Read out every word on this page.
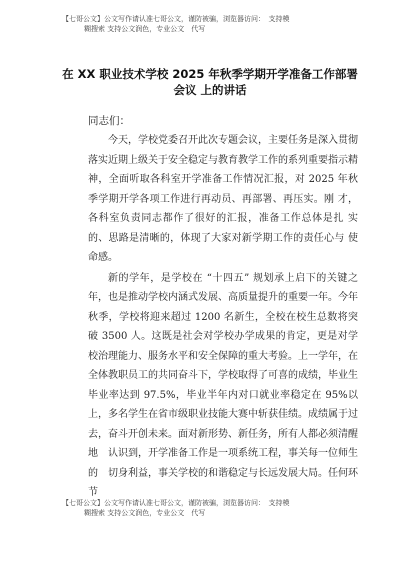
【七哥公文】公文写作请认准七哥公文，谨防被骗，浏览器访问：　支持模
糊搜索 支持公文润色，专业公文　代写
在 XX 职业技术学校 2025 年秋季学期开学准备工作部署
会议 上的讲话
同志们：

今天，学校党委召开此次专题会议，主要任务是深入贯彻落实近期上级关于安全稳定与教育教学工作的系列重要指示精神，全面听取各科室开学准备工作情况汇报，对 2025 年秋季学期开学各项工作进行再动员、再部署、再压实。刚 才，各科室负责同志都作了很好的汇报，准备工作总体是扎 实的、思路是清晰的，体现了大家对新学期工作的责任心与 使命感。

新的学年，是学校在 “十四五” 规划承上启下的关键之年，也是推动学校内涵式发展、高质量提升的重要一年。今年秋季，学校将迎来超过 1200 名新生，全校在校生总数将突破 3500 人。这既是社会对学校办学成果的肯定，更是对学校治理能力、服务水平和安全保障的重大考验。上一学年，在全体教职员工的共同奋斗下，学校取得了可喜的成绩，毕业生毕业率达到 97.5%，毕业半年内对口就业率稳定在 95%以上，多名学生在省市级职业技能大赛中斩获佳绩。成绩属于过去，奋斗开创未来。面对新形势、新任务，所有人都必须清醒地　认识到，开学准备工作是一项系统工程，事关每一位师生的　切身利益，事关学校的和谐稳定与长远发展大局。任何环节

【七哥公文】公文写作请认准七哥公文，谨防被骗，浏览器访问：　支持模
糊搜索 支持公文润色，专业公文　代写
